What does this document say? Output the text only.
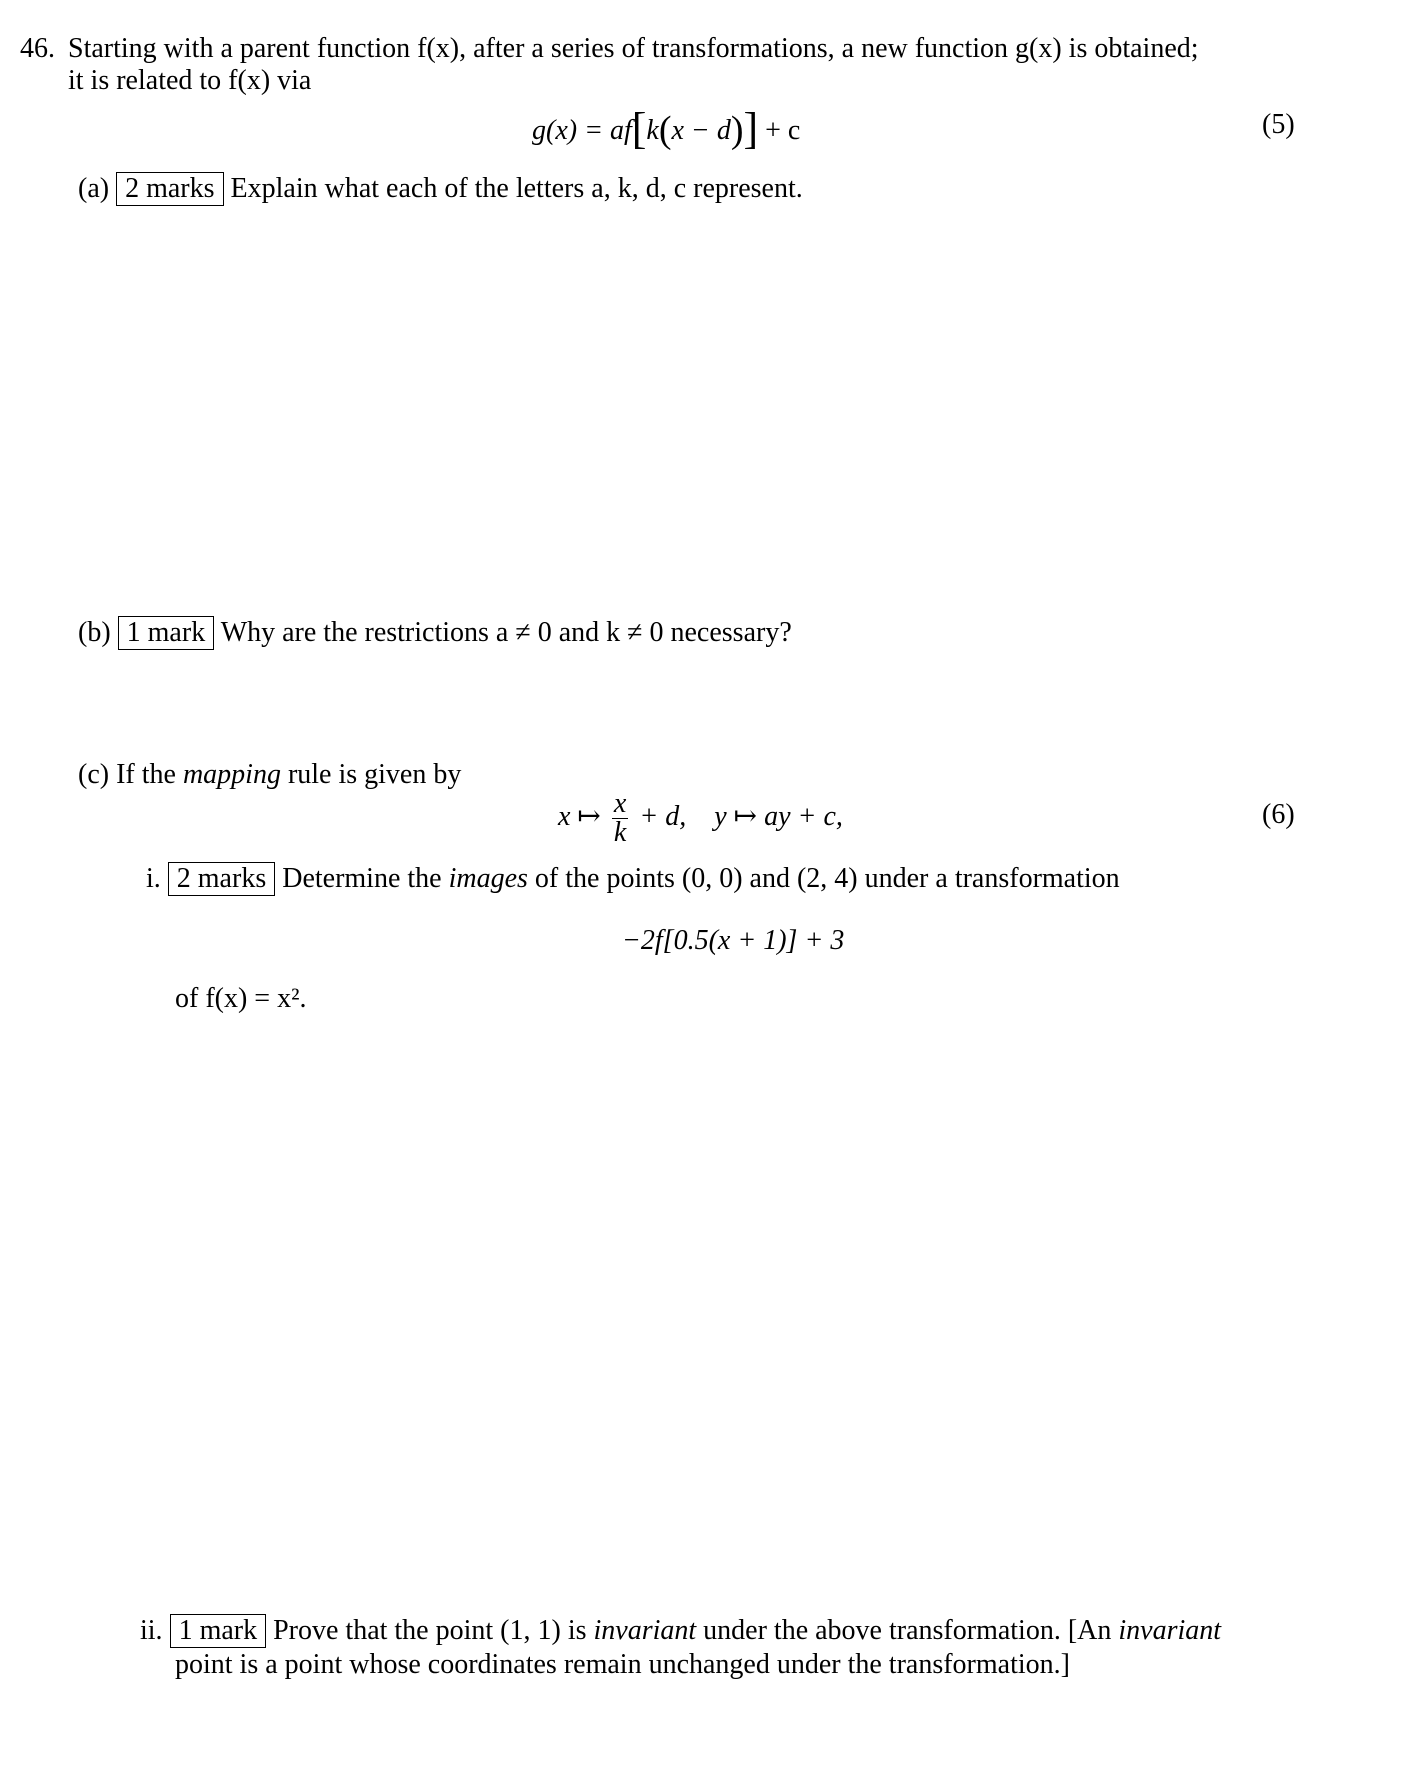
46. Starting with a parent function f(x), after a series of transformations, a new function g(x) is obtained;
it is related to f(x) via
g(x) = af[k(x − d)] + c	(5)
(a) 2 marks Explain what each of the letters a, k, d, c represent.
(b) 1 mark Why are the restrictions a ≠ 0 and k ≠ 0 necessary?
(c) If the mapping rule is given by
x ↦ $\frac{x}{k} + d$, y ↦ ay + c,	(6)
i. 2 marks Determine the images of the points (0, 0) and (2, 4) under a transformation
−2f[0.5(x + 1)] + 3
of f(x) = x².
ii. 1 mark Prove that the point (1, 1) is invariant under the above transformation. [An invariant
point is a point whose coordinates remain unchanged under the transformation.]
